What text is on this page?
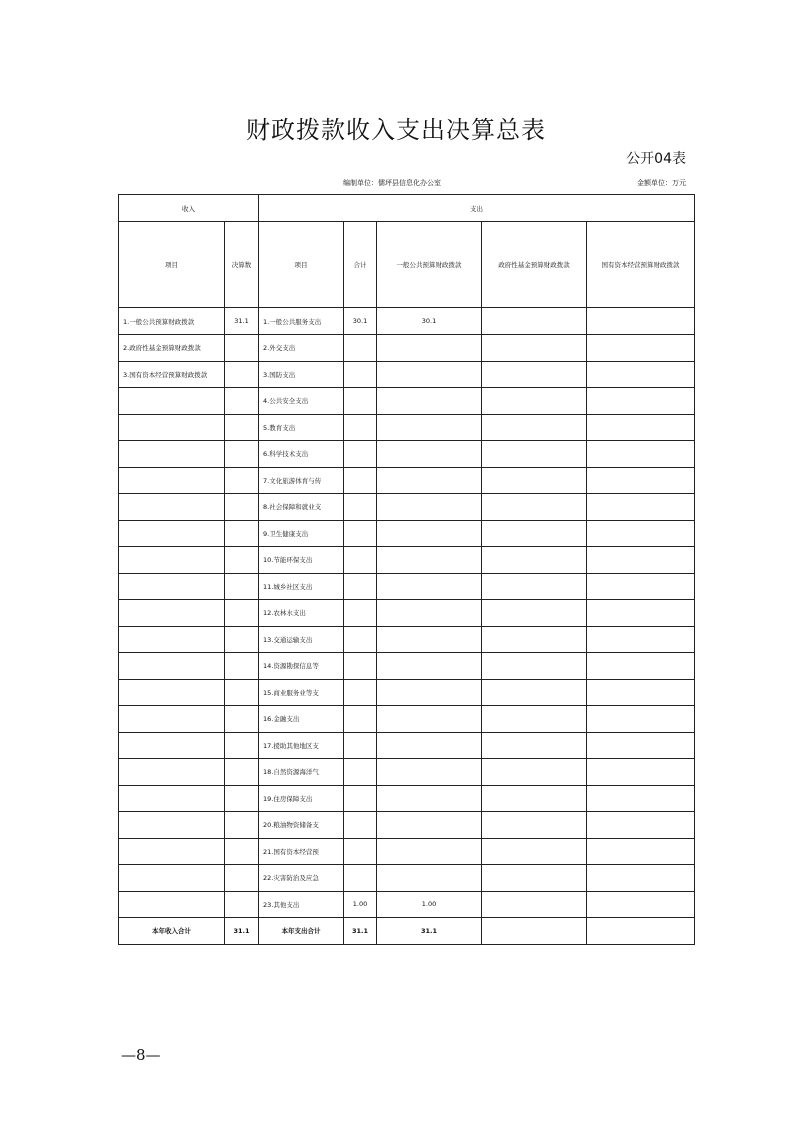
财政拨款收入支出决算总表
公开04表
编制单位：儒坪县信息化办公室	金额单位：万元
收入		支出				
项目	决算数	项目	合计	一般公共预算财政拨款	政府性基金预算财政拨款	国有资本经营预算财政拨款
1.一般公共预算财政拨款	31.1	1.一般公共服务支出	30.1	30.1		
2.政府性基金预算财政拨款		2.外交支出				
3.国有资本经营预算财政拨款		3.国防支出				
		4.公共安全支出				
		5.教育支出				
		6.科学技术支出				
		7.文化旅游体育与传				
		8.社会保障和就业支				
		9.卫生健康支出				
		10.节能环保支出				
		11.城乡社区支出				
		12.农林水支出				
		13.交通运输支出				
		14.资源勘探信息等				
		15.商业服务业等支				
		16.金融支出				
		17.援助其他地区支				
		18.自然资源海洋气				
		19.住房保障支出				
		20.粮油物资储备支				
		21.国有资本经营预				
		22.灾害防治及应急				
		23.其他支出	1.00	1.00		
本年收入合计	31.1	本年支出合计	31.1	31.1		
—8—
